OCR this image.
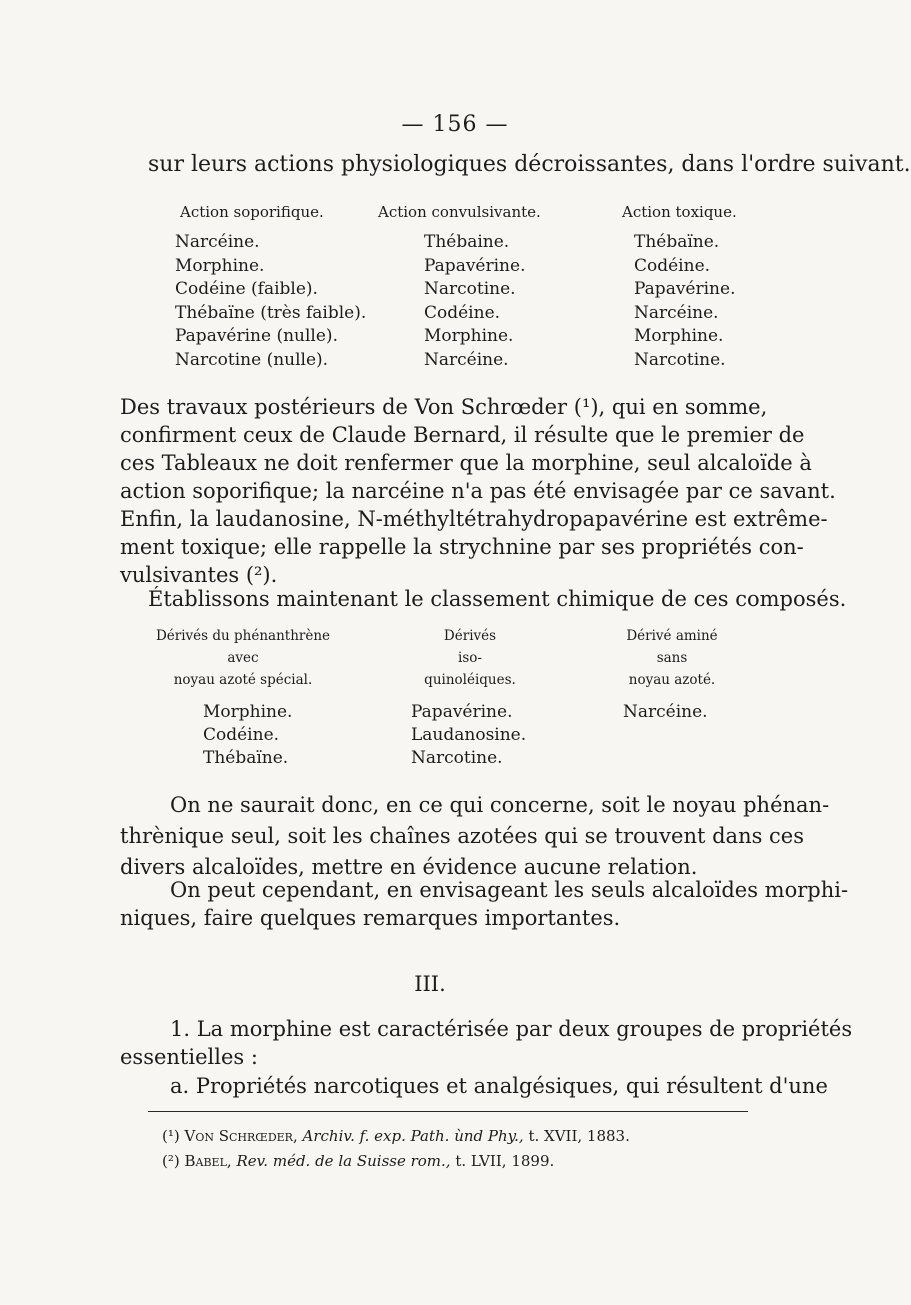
— 156 —
sur leurs actions physiologiques décroissantes, dans l'ordre suivant.
Action soporifique.	Action convulsivante.	Action toxique.
Narcéine.
Morphine.
Codéine (faible).
Thébaïne (très faible).
Papavérine (nulle).
Narcotine (nulle).
Thébaine.
Papavérine.
Narcotine.
Codéine.
Morphine.
Narcéine.
Thébaïne.
Codéine.
Papavérine.
Narcéine.
Morphine.
Narcotine.
Des travaux postérieurs de Von Schrœder (¹), qui en somme,
confirment ceux de Claude Bernard, il résulte que le premier de
ces Tableaux ne doit renfermer que la morphine, seul alcaloïde à
action soporifique; la narcéine n'a pas été envisagée par ce savant.
Enfin, la laudanosine, N-méthyltétrahydropapavérine est extrême-
ment toxique; elle rappelle la strychnine par ses propriétés con-
vulsivantes (²).
Établissons maintenant le classement chimique de ces composés.
Dérivés du phénanthrène
avec
noyau azoté spécial.
Dérivés
iso-
quinoléiques.
Dérivé aminé
sans
noyau azoté.
Morphine.
Codéine.
Thébaïne.
Papavérine.
Laudanosine.
Narcotine.
Narcéine.
On ne saurait donc, en ce qui concerne, soit le noyau phénan-
thrènique seul, soit les chaînes azotées qui se trouvent dans ces
divers alcaloïdes, mettre en évidence aucune relation.
On peut cependant, en envisageant les seuls alcaloïdes morphi-
niques, faire quelques remarques importantes.
III.
1. La morphine est caractérisée par deux groupes de propriétés
essentielles :
a. Propriétés narcotiques et analgésiques, qui résultent d'une
(¹) Von Schrœder, Archiv. f. exp. Path. ùnd Phy., t. XVII, 1883.
(²) Babel, Rev. méd. de la Suisse rom., t. LVII, 1899.
